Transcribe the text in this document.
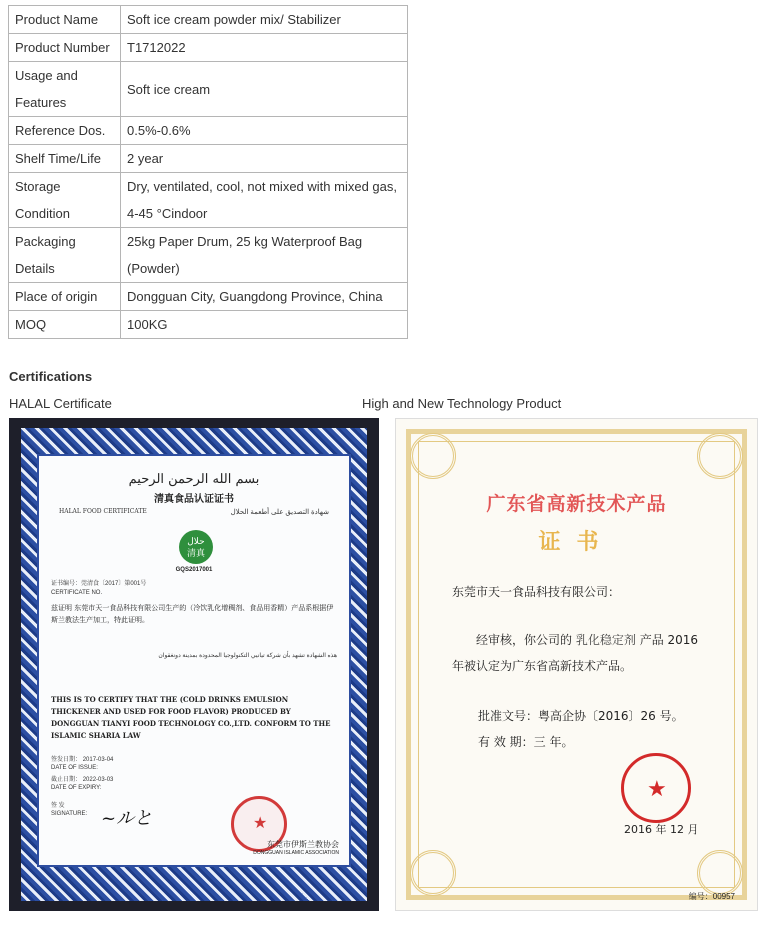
Product Name	Soft ice cream powder mix/ Stabilizer
Product Number	T1712022
Usage and Features	Soft ice cream
Reference Dos.	0.5%-0.6%
Shelf Time/Life	2 year
Storage Condition	Dry, ventilated, cool, not mixed with mixed gas, 4-45 °Cindoor
Packaging Details	25kg Paper Drum, 25 kg Waterproof Bag (Powder)
Place of origin	Dongguan City, Guangdong Province, China
MOQ	100KG
Certifications
HALAL Certificate	High and New Technology Product
بسم الله الرحمن الرحيم
清真食品认证证书
HALAL FOOD CERTIFICATE	شهادة التصديق على أطعمة الحلال
حلال
清真
GQS2017001
证书编号：莞清食〔2017〕第001号
CERTIFICATE NO.
兹证明 东莞市天一食品科技有限公司生产的（冷饮乳化增稠剂、食品用香精）产品系根据伊斯兰教法生产加工，特此证明。
هذه الشهادة تشهد بأن شركة تيانيي التكنولوجيا المحدودة بمدينة دونغقوان
THIS IS TO CERTIFY THAT THE (COLD DRINKS EMULSION THICKENER AND USED FOR FOOD FLAVOR) PRODUCED BY DONGGUAN TIANYI FOOD TECHNOLOGY CO.,LTD. CONFORM TO THE ISLAMIC SHARIA LAW
签发日期： 2017-03-04
DATE OF ISSUE:
截止日期： 2022-03-03
DATE OF EXPIRY:
签 发
SIGNATURE: ~ルと	★
东莞市伊斯兰教协会
DONGGUAN ISLAMIC ASSOCIATION
广东省高新技术产品
证书
东莞市天一食品科技有限公司：
经审核，你公司的 乳化稳定剂 产品 2016
年被认定为广东省高新技术产品。
批准文号：粤高企协〔2016〕26 号。
有 效 期：三 年。
★
2016 年 12 月
编号：00957
